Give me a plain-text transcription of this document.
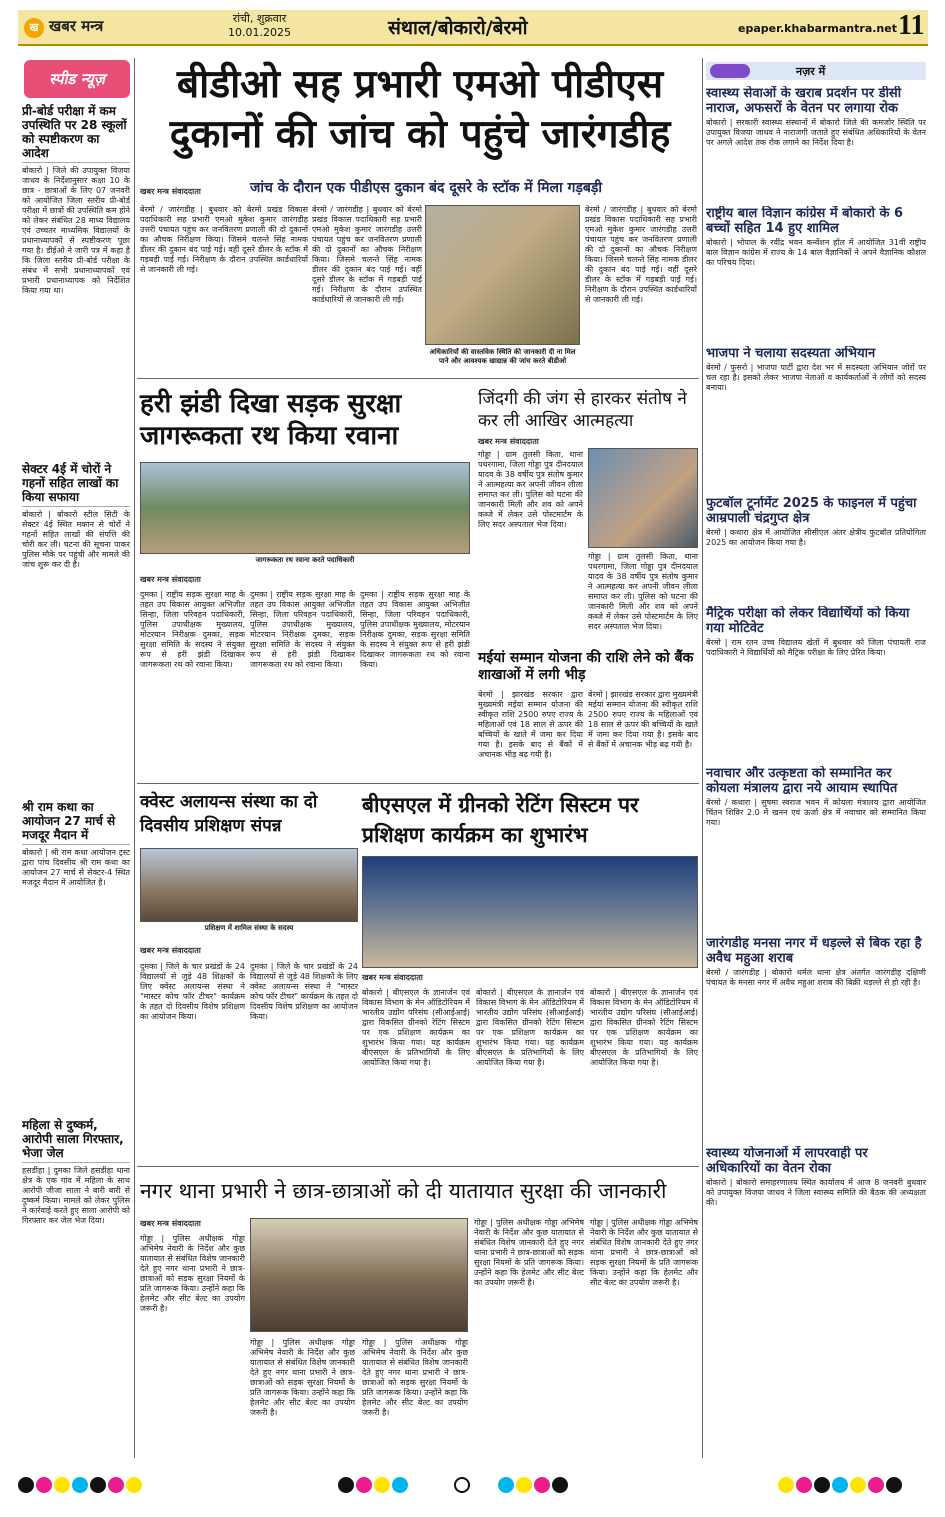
ख खबर मन्त्र	रांची, शुक्रवार
10.01.2025	संथाल/बोकारो/बेरमो	epaper.khabarmantra.net 11
स्पीड न्यूज़
प्री-बोर्ड परीक्षा में कम उपस्थिति पर 28 स्कूलों को स्पष्टीकरण का आदेश
बोकारो | जिले की उपायुक्त विजया जाधव के निर्देशानुसार कक्षा 10 के छात्र - छात्राओं के लिए 07 जनवरी को आयोजित जिला स्तरीय प्री-बोर्ड परीक्षा में छात्रों की उपस्थिति कम होने को लेकर संबंधित 28 माध्य विद्यालय एवं उच्चतर माध्यमिक विद्यालयों के प्रधानाध्यापकों से स्पष्टीकरण पूछा गया है। डीईओ ने जारी पत्र में कहा है कि जिला स्तरीय प्री-बोर्ड परीक्षा के संबंध में सभी प्रधानाध्यापकों एवं प्रभारी प्रधानाध्यापक को निर्देशित किया गया था।
सेक्टर 4ई में चोरों ने गहनों सहित लाखों का किया सफाया
बोकारो | बोकारो स्टील सिटी के सेक्टर 4ई स्थित मकान से चोरों ने गहनों सहित लाखों की संपत्ति की चोरी कर ली। घटना की सूचना पाकर पुलिस मौके पर पहुंची और मामले की जांच शुरू कर दी है।
श्री राम कथा का आयोजन 27 मार्च से मजदूर मैदान में
बोकारो | श्री राम कथा आयोजन ट्रस्ट द्वारा पांच दिवसीय श्री राम कथा का आयोजन 27 मार्च से सेक्टर-4 स्थित मजदूर मैदान में आयोजित है।
महिला से दुष्कर्म, आरोपी साला गिरफ्तार, भेजा जेल
हसडीहा | दुमका जिले हसडीहा थाना क्षेत्र के एक गांव में महिला के साथ आरोपी जीजा साला ने बारी बारी से दुष्कर्म किया। मामले को लेकर पुलिस ने कार्रवाई करते हुए साला आरोपी को गिरफ्तार कर जेल भेज दिया।
बीडीओ सह प्रभारी एमओ पीडीएस दुकानों की जांच को पहुंचे जारंगडीह
जांच के दौरान एक पीडीएस दुकान बंद दूसरे के स्टॉक में मिला गड़बड़ी
खबर मन्त्र संवाददाता
बेरमो / जारंगडीह | बुधवार को बेरमो प्रखंड विकास पदाधिकारी सह प्रभारी एमओ मुकेश कुमार जारंगडीह उत्तरी पंचायत पहुंच कर जनवितरण प्रणाली की दो दुकानों का औचक निरीक्षण किया। जिसमे चलन्ते सिंह नामक डीलर की दुकान बंद पाई गई। वहीं दूसरे डीलर के स्टॉक में गड़बड़ी पाई गई। निरीक्षण के दौरान उपस्थित कार्डधारियों से जानकारी ली गई।
बेरमो / जारंगडीह | बुधवार को बेरमो प्रखंड विकास पदाधिकारी सह प्रभारी एमओ मुकेश कुमार जारंगडीह उत्तरी पंचायत पहुंच कर जनवितरण प्रणाली की दो दुकानों का औचक निरीक्षण किया। जिसमे चलन्ते सिंह नामक डीलर की दुकान बंद पाई गई। वहीं दूसरे डीलर के स्टॉक में गड़बड़ी पाई गई। निरीक्षण के दौरान उपस्थित कार्डधारियों से जानकारी ली गई।
अधिकारियों की वास्तविक स्थिति की जानकारी दी ना मिल पाने और आवश्यक खाद्यान्न की जांच करते बीडीओ
बेरमो / जारंगडीह | बुधवार को बेरमो प्रखंड विकास पदाधिकारी सह प्रभारी एमओ मुकेश कुमार जारंगडीह उत्तरी पंचायत पहुंच कर जनवितरण प्रणाली की दो दुकानों का औचक निरीक्षण किया। जिसमे चलन्ते सिंह नामक डीलर की दुकान बंद पाई गई। वहीं दूसरे डीलर के स्टॉक में गड़बड़ी पाई गई। निरीक्षण के दौरान उपस्थित कार्डधारियों से जानकारी ली गई।
हरी झंडी दिखा सड़क सुरक्षा जागरूकता रथ किया रवाना
जागरूकता रथ रवाना करते पदाधिकारी
खबर मन्त्र संवाददाता
दुमका | राष्ट्रीय सड़क सुरक्षा माह के तहत उप विकास आयुक्त अभिजीत सिन्हा, जिला परिवहन पदाधिकारी, पुलिस उपाधीक्षक मुख्यालय, मोटरयान निरीक्षक दुमका, सड़क सुरक्षा समिति के सदस्य ने संयुक्त रूप से हरी झंडी दिखाकर जागरूकता रथ को रवाना किया।
दुमका | राष्ट्रीय सड़क सुरक्षा माह के तहत उप विकास आयुक्त अभिजीत सिन्हा, जिला परिवहन पदाधिकारी, पुलिस उपाधीक्षक मुख्यालय, मोटरयान निरीक्षक दुमका, सड़क सुरक्षा समिति के सदस्य ने संयुक्त रूप से हरी झंडी दिखाकर जागरूकता रथ को रवाना किया।
दुमका | राष्ट्रीय सड़क सुरक्षा माह के तहत उप विकास आयुक्त अभिजीत सिन्हा, जिला परिवहन पदाधिकारी, पुलिस उपाधीक्षक मुख्यालय, मोटरयान निरीक्षक दुमका, सड़क सुरक्षा समिति के सदस्य ने संयुक्त रूप से हरी झंडी दिखाकर जागरूकता रथ को रवाना किया।
जिंदगी की जंग से हारकर संतोष ने कर ली आखिर आत्महत्या
खबर मन्त्र संवाददाता
गोड्डा | ग्राम तुलसी किता, थाना पथरगामा, जिला गोड्डा पुत्र दीनदयाल यादव के 38 वर्षीय पुत्र संतोष कुमार ने आत्महत्या कर अपनी जीवन लीला समाप्त कर ली। पुलिस को घटना की जानकारी मिली और शव को अपने कब्जे में लेकर उसे पोस्टमार्टम के लिए सदर अस्पताल भेज दिया।
गोड्डा | ग्राम तुलसी किता, थाना पथरगामा, जिला गोड्डा पुत्र दीनदयाल यादव के 38 वर्षीय पुत्र संतोष कुमार ने आत्महत्या कर अपनी जीवन लीला समाप्त कर ली। पुलिस को घटना की जानकारी मिली और शव को अपने कब्जे में लेकर उसे पोस्टमार्टम के लिए सदर अस्पताल भेज दिया।
मईयां सम्मान योजना की राशि लेने को बैंक शाखाओं में लगी भीड़
बेरमो | झारखंड सरकार द्वारा मुख्यमंत्री मईयां सम्मान योजना की स्वीकृत राशि 2500 रुपए राज्य के महिलाओं एवं 18 साल से ऊपर की बच्चियों के खाते में जमा कर दिया गया है। इसके बाद से बैंकों में अचानक भीड़ बढ़ गयी है।
बेरमो | झारखंड सरकार द्वारा मुख्यमंत्री मईयां सम्मान योजना की स्वीकृत राशि 2500 रुपए राज्य के महिलाओं एवं 18 साल से ऊपर की बच्चियों के खाते में जमा कर दिया गया है। इसके बाद से बैंकों में अचानक भीड़ बढ़ गयी है।
क्वेस्ट अलायन्स संस्था का दो दिवसीय प्रशिक्षण संपन्न
प्रशिक्षण में शामिल संस्था के सदस्य
खबर मन्त्र संवाददाता
दुमका | जिले के चार प्रखंडों के 24 विद्यालयों से जुड़े 48 शिक्षकों के लिए क्वेस्ट अलायन्स संस्था ने "मास्टर कोच फॉर टीचर" कार्यक्रम के तहत दो दिवसीय विशेष प्रशिक्षण का आयोजन किया।
दुमका | जिले के चार प्रखंडों के 24 विद्यालयों से जुड़े 48 शिक्षकों के लिए क्वेस्ट अलायन्स संस्था ने "मास्टर कोच फॉर टीचर" कार्यक्रम के तहत दो दिवसीय विशेष प्रशिक्षण का आयोजन किया।
बीएसएल में ग्रीनको रेटिंग सिस्टम पर प्रशिक्षण कार्यक्रम का शुभारंभ
खबर मन्त्र संवाददाता
बोकारो | बीएसएल के ज्ञानार्जन एवं विकास विभाग के मेन ऑडिटोरियम में भारतीय उद्योग परिसंघ (सीआईआई) द्वारा विकसित ग्रीनको रेटिंग सिस्टम पर एक प्रशिक्षण कार्यक्रम का शुभारंभ किया गया। यह कार्यक्रम बीएसएल के प्रतिभागियों के लिए आयोजित किया गया है।
बोकारो | बीएसएल के ज्ञानार्जन एवं विकास विभाग के मेन ऑडिटोरियम में भारतीय उद्योग परिसंघ (सीआईआई) द्वारा विकसित ग्रीनको रेटिंग सिस्टम पर एक प्रशिक्षण कार्यक्रम का शुभारंभ किया गया। यह कार्यक्रम बीएसएल के प्रतिभागियों के लिए आयोजित किया गया है।
बोकारो | बीएसएल के ज्ञानार्जन एवं विकास विभाग के मेन ऑडिटोरियम में भारतीय उद्योग परिसंघ (सीआईआई) द्वारा विकसित ग्रीनको रेटिंग सिस्टम पर एक प्रशिक्षण कार्यक्रम का शुभारंभ किया गया। यह कार्यक्रम बीएसएल के प्रतिभागियों के लिए आयोजित किया गया है।
नगर थाना प्रभारी ने छात्र-छात्राओं को दी यातायात सुरक्षा की जानकारी
खबर मन्त्र संवाददाता
गोड्डा | पुलिस अधीक्षक गोड्डा अभिमेष नेवारी के निर्देश और कुछ यातायात से संबंधित विशेष जानकारी देते हुए नगर थाना प्रभारी ने छात्र-छात्राओं को सड़क सुरक्षा नियमों के प्रति जागरूक किया। उन्होंने कहा कि हेलमेट और सीट बेल्ट का उपयोग जरूरी है।
गोड्डा | पुलिस अधीक्षक गोड्डा अभिमेष नेवारी के निर्देश और कुछ यातायात से संबंधित विशेष जानकारी देते हुए नगर थाना प्रभारी ने छात्र-छात्राओं को सड़क सुरक्षा नियमों के प्रति जागरूक किया। उन्होंने कहा कि हेलमेट और सीट बेल्ट का उपयोग जरूरी है।
गोड्डा | पुलिस अधीक्षक गोड्डा अभिमेष नेवारी के निर्देश और कुछ यातायात से संबंधित विशेष जानकारी देते हुए नगर थाना प्रभारी ने छात्र-छात्राओं को सड़क सुरक्षा नियमों के प्रति जागरूक किया। उन्होंने कहा कि हेलमेट और सीट बेल्ट का उपयोग जरूरी है।
गोड्डा | पुलिस अधीक्षक गोड्डा अभिमेष नेवारी के निर्देश और कुछ यातायात से संबंधित विशेष जानकारी देते हुए नगर थाना प्रभारी ने छात्र-छात्राओं को सड़क सुरक्षा नियमों के प्रति जागरूक किया। उन्होंने कहा कि हेलमेट और सीट बेल्ट का उपयोग जरूरी है।
गोड्डा | पुलिस अधीक्षक गोड्डा अभिमेष नेवारी के निर्देश और कुछ यातायात से संबंधित विशेष जानकारी देते हुए नगर थाना प्रभारी ने छात्र-छात्राओं को सड़क सुरक्षा नियमों के प्रति जागरूक किया। उन्होंने कहा कि हेलमेट और सीट बेल्ट का उपयोग जरूरी है।
नज़र में
स्वास्थ्य सेवाओं के खराब प्रदर्शन पर डीसी नाराज, अफसरों के वेतन पर लगाया रोक
बोकारो | सरकारी स्वास्थ्य संस्थानों में बोकारो जिले की कमजोर स्थिति पर उपायुक्त विजया जाधव ने नाराजगी जताते हुए संबंधित अधिकारियों के वेतन पर अगले आदेश तक रोक लगाने का निर्देश दिया है।
राष्ट्रीय बाल विज्ञान कांग्रेस में बोकारो के 6 बच्चों सहित 14 हुए शामिल
बोकारो | भोपाल के रवींद्र भवन कन्वेंशन हॉल में आयोजित 31वीं राष्ट्रीय बाल विज्ञान कांग्रेस में राज्य के 14 बाल वैज्ञानिकों ने अपने वैज्ञानिक कौशल का परिचय दिया।
भाजपा ने चलाया सदस्यता अभियान
बेरमो / फुसरो | भाजपा पार्टी द्वारा देश भर में सदस्यता अभियान जोरों पर चल रहा है। इसको लेकर भाजपा नेताओं व कार्यकर्ताओं ने लोगों को सदस्य बनाया।
फुटबॉल टूर्नामेंट 2025 के फाइनल में पहुंचा आम्रपाली चंद्रगुप्त क्षेत्र
बेरमो | कथारा क्षेत्र में आयोजित सीसीएल अंतर क्षेत्रीय फुटबॉल प्रतियोगिता 2025 का आयोजन किया गया है।
मैट्रिक परीक्षा को लेकर विद्यार्थियों को किया गया मोटिवेट
बेरमो | राम रतन उच्च विद्यालय खेतों में बुधवार को जिला पंचायती राज पदाधिकारी ने विद्यार्थियों को मैट्रिक परीक्षा के लिए प्रेरित किया।
नवाचार और उत्कृष्टता को सम्मानित कर कोयला मंत्रालय द्वारा नये आयाम स्थापित
बेरमो / कथारा | सुषमा स्वराज भवन में कोयला मंत्रालय द्वारा आयोजित चिंतन शिविर 2.0 में खनन एवं ऊर्जा क्षेत्र में नवाचार को सम्मानित किया गया।
जारंगडीह मनसा नगर में धड़ल्ले से बिक रहा है अवैध महुआ शराब
बेरमो / जारंगडीह | बोकारो थर्मल थाना क्षेत्र अंतर्गत जारंगडीह दक्षिणी पंचायत के मनसा नगर में अवैध महुआ शराब की बिक्री धड़ल्ले से हो रही है।
स्वास्थ्य योजनाओं में लापरवाही पर अधिकारियों का वेतन रोका
बोकारो | बोकारो समाहरणालय स्थित कार्यालय में आज 8 जनवरी बुधवार को उपायुक्त विजया जाधव ने जिला स्वास्थ्य समिति की बैठक की अध्यक्षता की।
